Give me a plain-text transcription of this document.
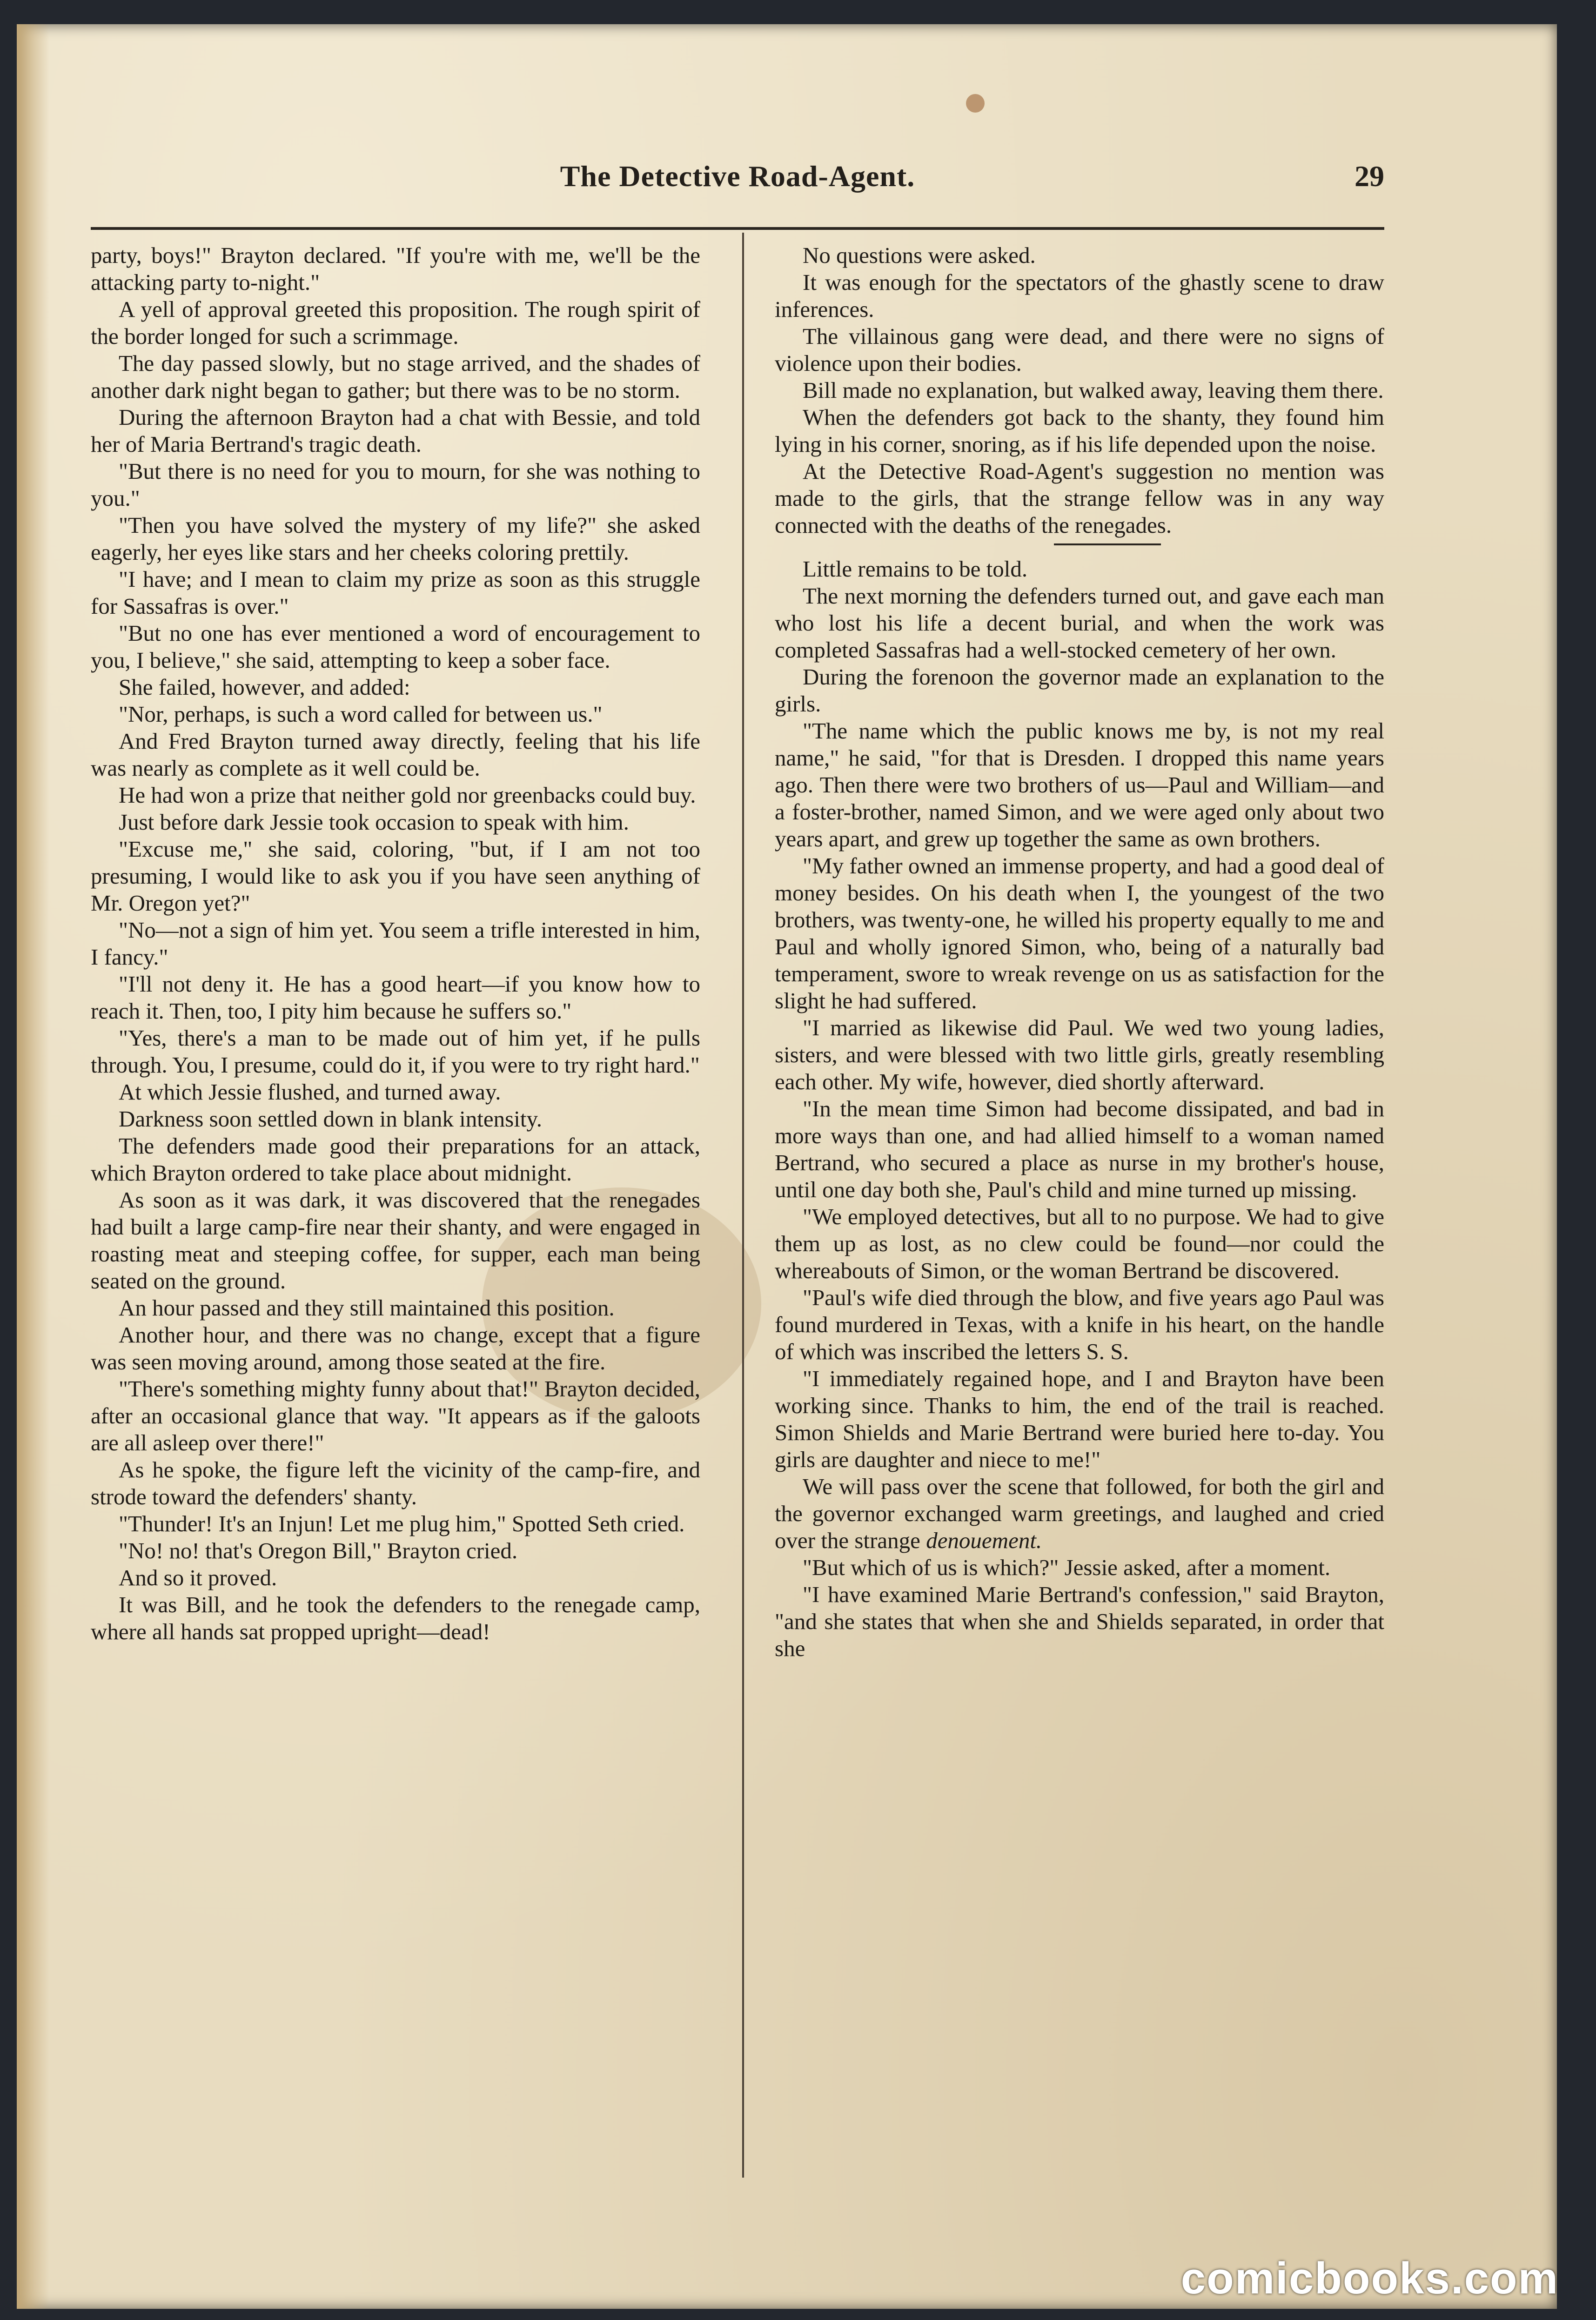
The Detective Road-Agent.	29

party, boys!" Brayton declared. "If you're with me, we'll be the attacking party to-night."

A yell of approval greeted this proposition. The rough spirit of the border longed for such a scrimmage.

The day passed slowly, but no stage arrived, and the shades of another dark night began to gather; but there was to be no storm.

During the afternoon Brayton had a chat with Bessie, and told her of Maria Bertrand's tragic death.

"But there is no need for you to mourn, for she was nothing to you."

"Then you have solved the mystery of my life?" she asked eagerly, her eyes like stars and her cheeks coloring prettily.

"I have; and I mean to claim my prize as soon as this struggle for Sassafras is over."

"But no one has ever mentioned a word of encouragement to you, I believe," she said, attempting to keep a sober face.

She failed, however, and added:

"Nor, perhaps, is such a word called for between us."

And Fred Brayton turned away directly, feeling that his life was nearly as complete as it well could be.

He had won a prize that neither gold nor greenbacks could buy.

Just before dark Jessie took occasion to speak with him.

"Excuse me," she said, coloring, "but, if I am not too presuming, I would like to ask you if you have seen anything of Mr. Oregon yet?"

"No—not a sign of him yet. You seem a trifle interested in him, I fancy."

"I'll not deny it. He has a good heart—if you know how to reach it. Then, too, I pity him because he suffers so."

"Yes, there's a man to be made out of him yet, if he pulls through. You, I presume, could do it, if you were to try right hard."

At which Jessie flushed, and turned away.

Darkness soon settled down in blank intensity.

The defenders made good their preparations for an attack, which Brayton ordered to take place about midnight.

As soon as it was dark, it was discovered that the renegades had built a large camp-fire near their shanty, and were engaged in roasting meat and steeping coffee, for supper, each man being seated on the ground.

An hour passed and they still maintained this position.

Another hour, and there was no change, except that a figure was seen moving around, among those seated at the fire.

"There's something mighty funny about that!" Brayton decided, after an occasional glance that way. "It appears as if the galoots are all asleep over there!"

As he spoke, the figure left the vicinity of the camp-fire, and strode toward the defenders' shanty.

"Thunder! It's an Injun! Let me plug him," Spotted Seth cried.

"No! no! that's Oregon Bill," Brayton cried.

And so it proved.

It was Bill, and he took the defenders to the renegade camp, where all hands sat propped upright—dead!

No questions were asked.

It was enough for the spectators of the ghastly scene to draw inferences.

The villainous gang were dead, and there were no signs of violence upon their bodies.

Bill made no explanation, but walked away, leaving them there.

When the defenders got back to the shanty, they found him lying in his corner, snoring, as if his life depended upon the noise.

At the Detective Road-Agent's suggestion no mention was made to the girls, that the strange fellow was in any way connected with the deaths of the renegades.

Little remains to be told.

The next morning the defenders turned out, and gave each man who lost his life a decent burial, and when the work was completed Sassafras had a well-stocked cemetery of her own.

During the forenoon the governor made an explanation to the girls.

"The name which the public knows me by, is not my real name," he said, "for that is Dresden. I dropped this name years ago. Then there were two brothers of us—Paul and William—and a foster-brother, named Simon, and we were aged only about two years apart, and grew up together the same as own brothers.

"My father owned an immense property, and had a good deal of money besides. On his death when I, the youngest of the two brothers, was twenty-one, he willed his property equally to me and Paul and wholly ignored Simon, who, being of a naturally bad temperament, swore to wreak revenge on us as satisfaction for the slight he had suffered.

"I married as likewise did Paul. We wed two young ladies, sisters, and were blessed with two little girls, greatly resembling each other. My wife, however, died shortly afterward.

"In the mean time Simon had become dissipated, and bad in more ways than one, and had allied himself to a woman named Bertrand, who secured a place as nurse in my brother's house, until one day both she, Paul's child and mine turned up missing.

"We employed detectives, but all to no purpose. We had to give them up as lost, as no clew could be found—nor could the whereabouts of Simon, or the woman Bertrand be discovered.

"Paul's wife died through the blow, and five years ago Paul was found murdered in Texas, with a knife in his heart, on the handle of which was inscribed the letters S. S.

"I immediately regained hope, and I and Brayton have been working since. Thanks to him, the end of the trail is reached. Simon Shields and Marie Bertrand were buried here to-day. You girls are daughter and niece to me!"

We will pass over the scene that followed, for both the girl and the governor exchanged warm greetings, and laughed and cried over the strange denouement.

"But which of us is which?" Jessie asked, after a moment.

"I have examined Marie Bertrand's confession," said Brayton, "and she states that when she and Shields separated, in order that she

comicbooks.com
